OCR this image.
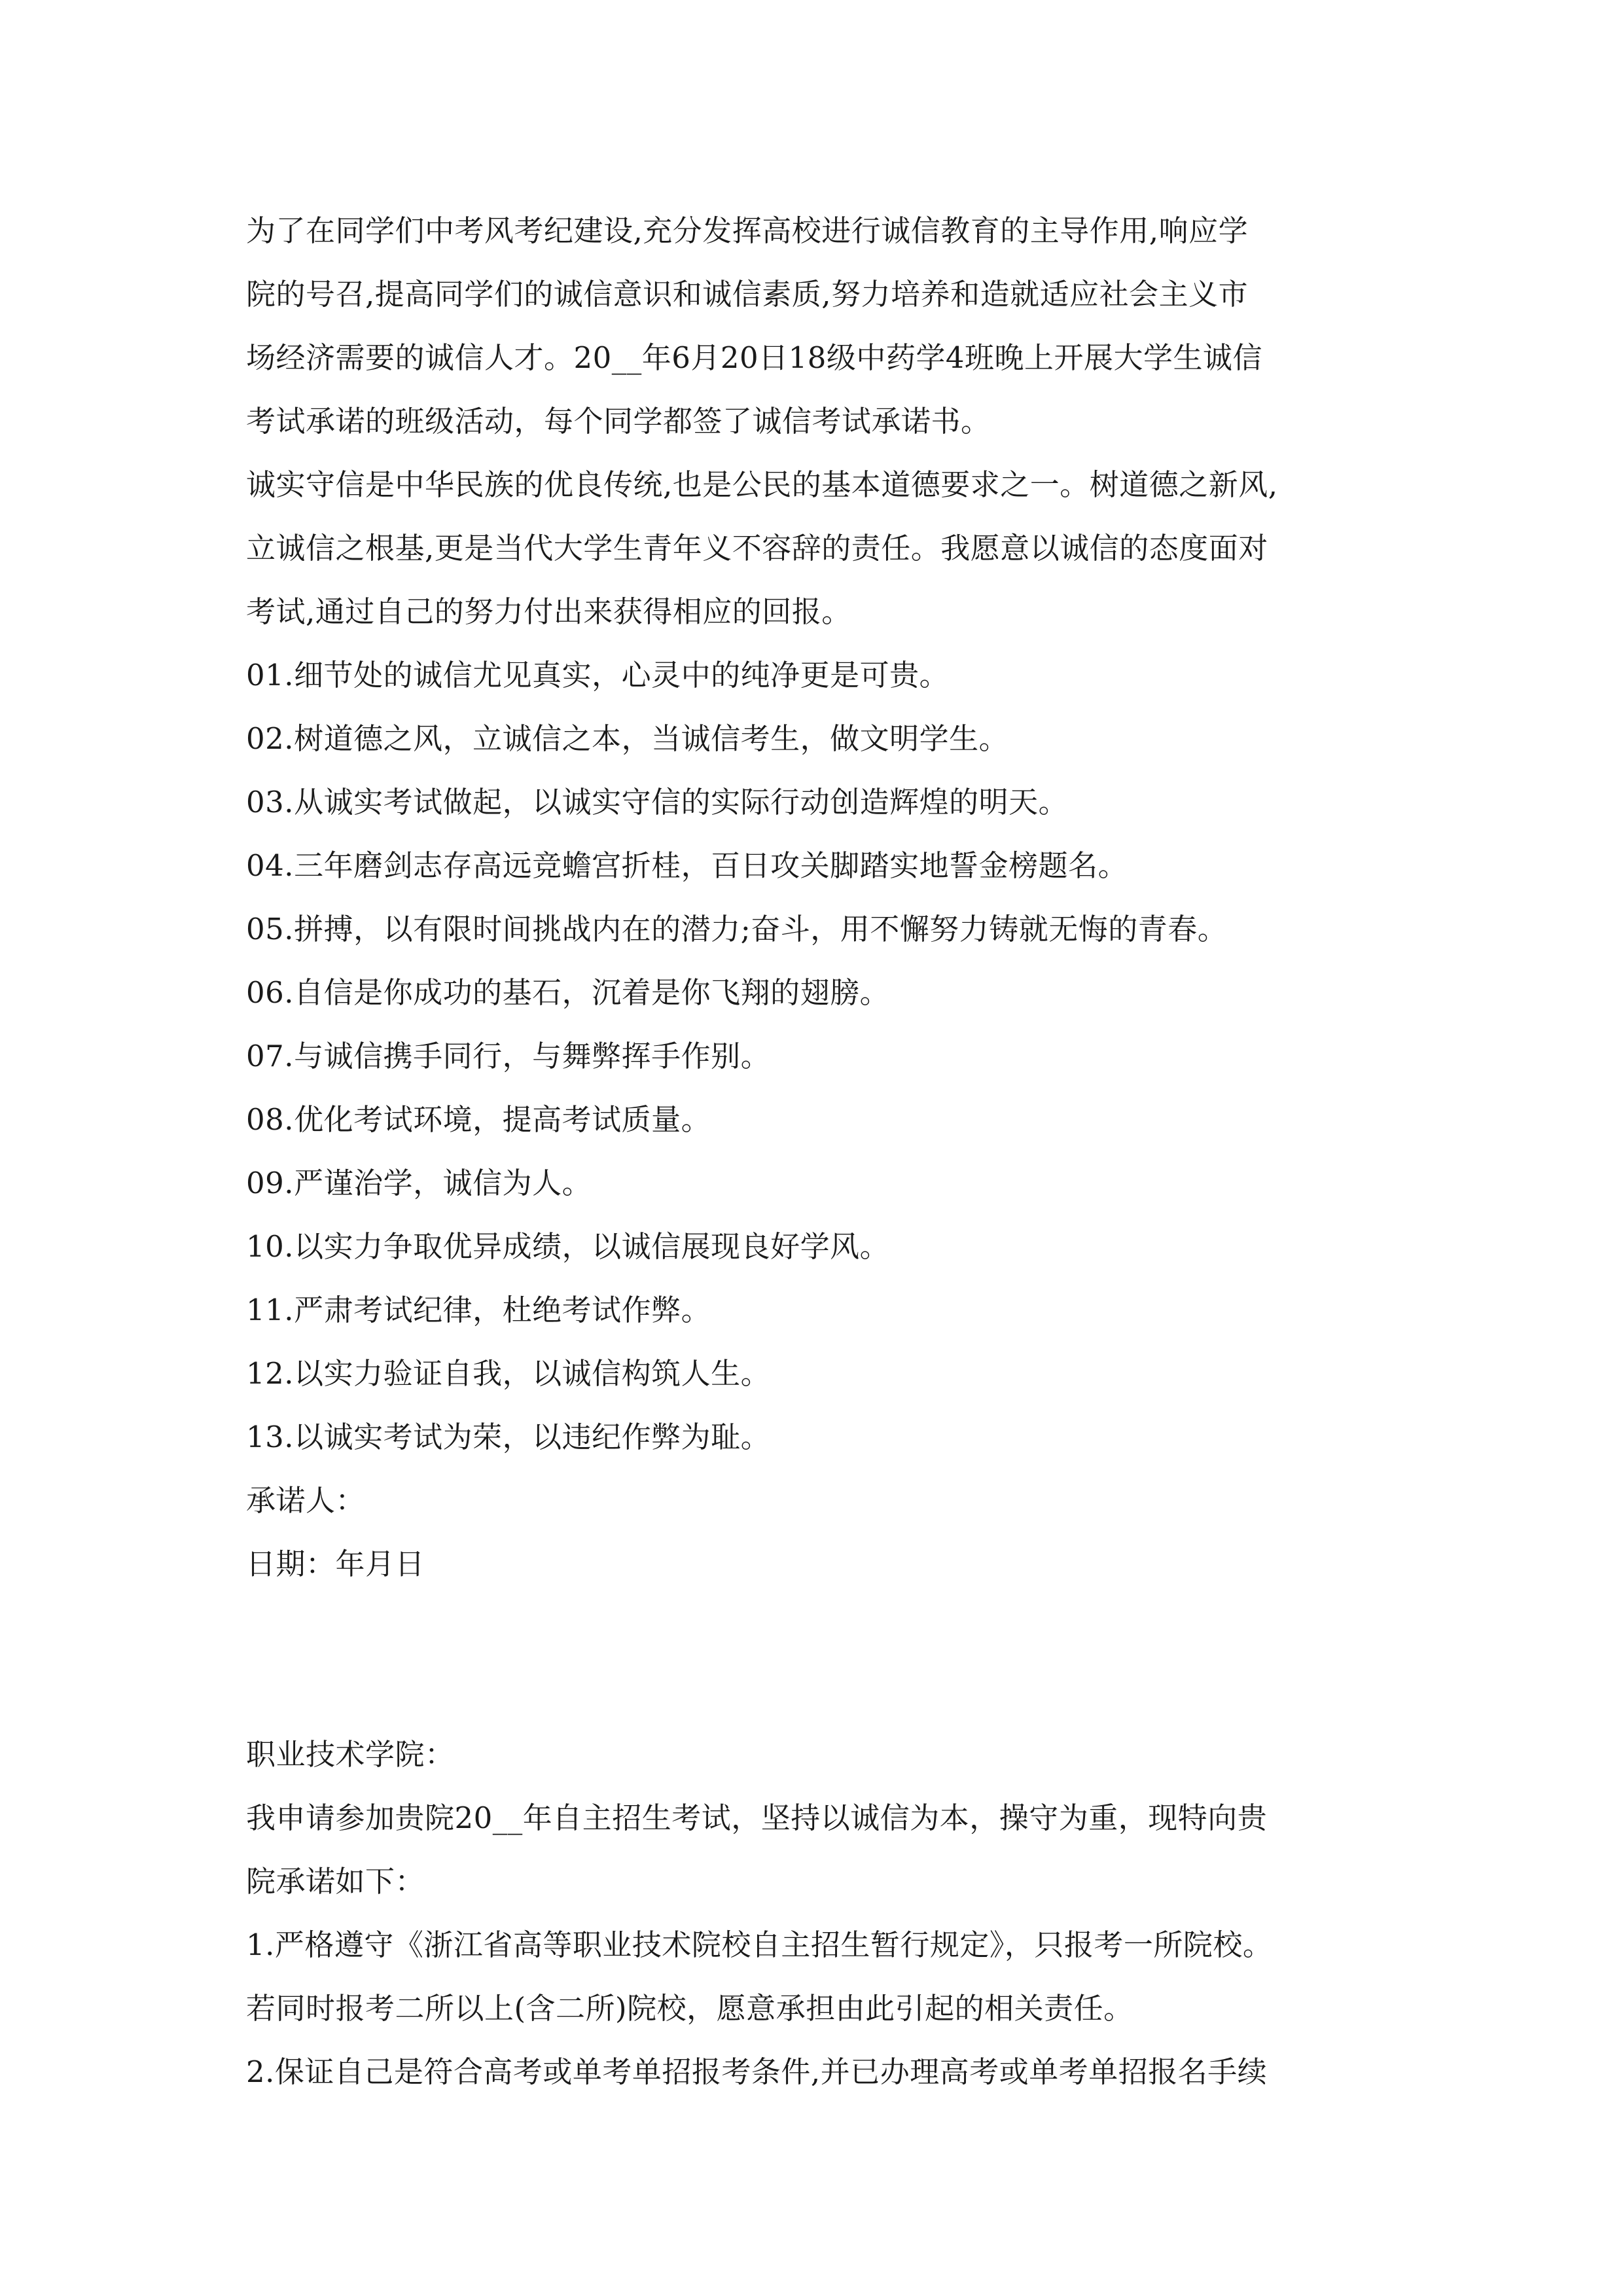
为了在同学们中考风考纪建设,充分发挥高校进行诚信教育的主导作用,响应学
院的号召,提高同学们的诚信意识和诚信素质,努力培养和造就适应社会主义市
场经济需要的诚信人才。20__年6月20日18级中药学4班晚上开展大学生诚信
考试承诺的班级活动，每个同学都签了诚信考试承诺书。
诚实守信是中华民族的优良传统,也是公民的基本道德要求之一。树道德之新风,
立诚信之根基,更是当代大学生青年义不容辞的责任。我愿意以诚信的态度面对
考试,通过自己的努力付出来获得相应的回报。
01.细节处的诚信尤见真实，心灵中的纯净更是可贵。
02.树道德之风，立诚信之本，当诚信考生，做文明学生。
03.从诚实考试做起，以诚实守信的实际行动创造辉煌的明天。
04.三年磨剑志存高远竞蟾宫折桂，百日攻关脚踏实地誓金榜题名。
05.拼搏，以有限时间挑战内在的潜力;奋斗，用不懈努力铸就无悔的青春。
06.自信是你成功的基石，沉着是你飞翔的翅膀。
07.与诚信携手同行，与舞弊挥手作别。
08.优化考试环境，提高考试质量。
09.严谨治学，诚信为人。
10.以实力争取优异成绩，以诚信展现良好学风。
11.严肃考试纪律，杜绝考试作弊。
12.以实力验证自我，以诚信构筑人生。
13.以诚实考试为荣，以违纪作弊为耻。
承诺人：
日期：年月日
职业技术学院：
我申请参加贵院20__年自主招生考试，坚持以诚信为本，操守为重，现特向贵
院承诺如下：
1.严格遵守《浙江省高等职业技术院校自主招生暂行规定》，只报考一所院校。
若同时报考二所以上(含二所)院校，愿意承担由此引起的相关责任。
2.保证自己是符合高考或单考单招报考条件,并已办理高考或单考单招报名手续
